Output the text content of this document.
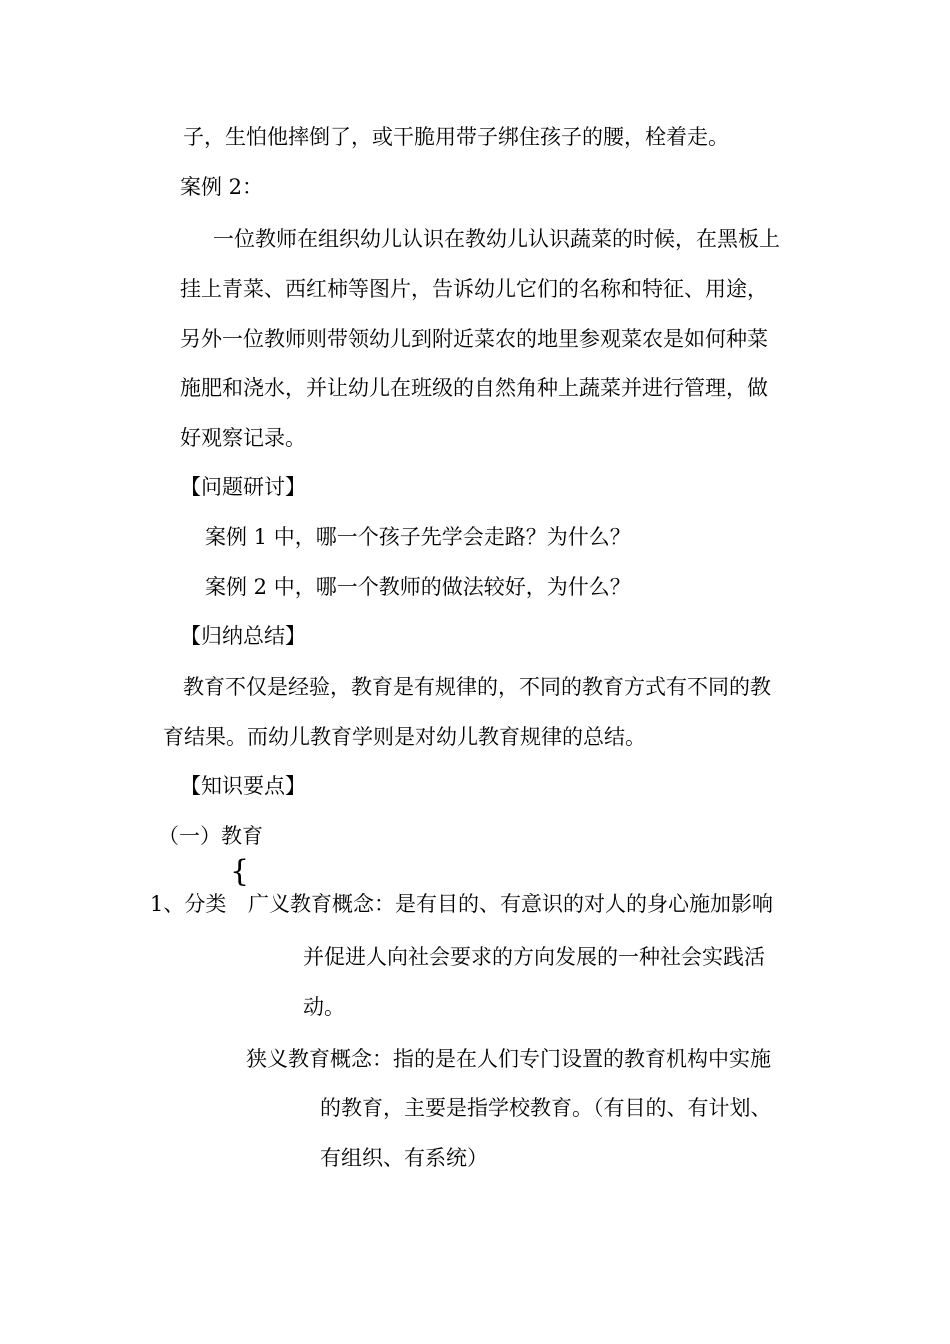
子，生怕他摔倒了，或干脆用带子绑住孩子的腰，栓着走。
案例 2：
一位教师在组织幼儿认识在教幼儿认识蔬菜的时候，在黑板上
挂上青菜、西红柿等图片，告诉幼儿它们的名称和特征、用途，
另外一位教师则带领幼儿到附近菜农的地里参观菜农是如何种菜
施肥和浇水，并让幼儿在班级的自然角种上蔬菜并进行管理，做
好观察记录。
【问题研讨】
案例 1 中，哪一个孩子先学会走路？为什么？
案例 2 中，哪一个教师的做法较好，为什么？
【归纳总结】
教育不仅是经验，教育是有规律的，不同的教育方式有不同的教
育结果。而幼儿教育学则是对幼儿教育规律的总结。
【知识要点】
（一）教育
{
1、分类 广义教育概念：是有目的、有意识的对人的身心施加影响
并促进人向社会要求的方向发展的一种社会实践活
动。
狭义教育概念：指的是在人们专门设置的教育机构中实施
的教育，主要是指学校教育。（有目的、有计划、
有组织、有系统）
